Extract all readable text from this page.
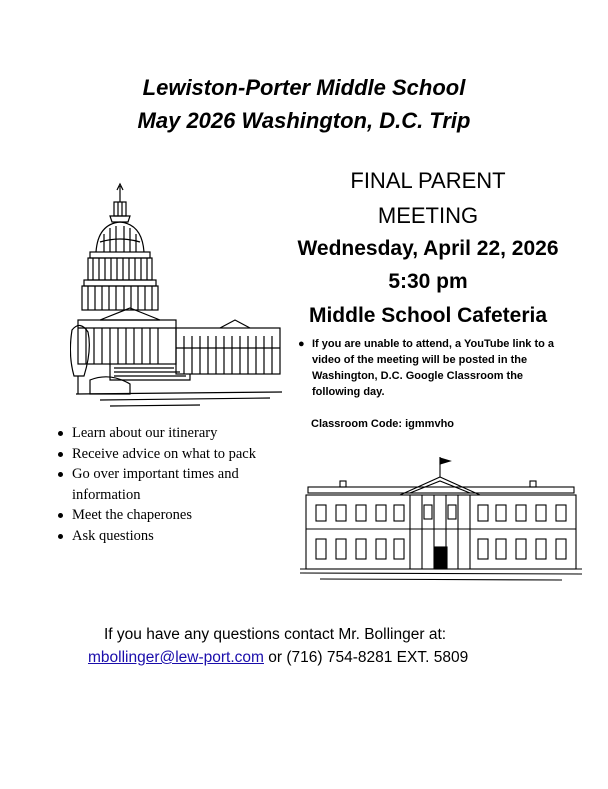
Lewiston-Porter Middle School
May 2026 Washington, D.C. Trip
FINAL PARENT
MEETING
Wednesday, April 22, 2026
5:30 pm
Middle School Cafeteria
● If you are unable to attend, a YouTube link to a video of the meeting will be posted in the Washington, D.C. Google Classroom the following day.
Classroom Code: igmmvho
Learn about our itinerary
Receive advice on what to pack
Go over important times and information
Meet the chaperones
Ask questions
If you have any questions contact Mr. Bollinger at:
mbollinger@lew-port.com or (716) 754-8281 EXT. 5809
